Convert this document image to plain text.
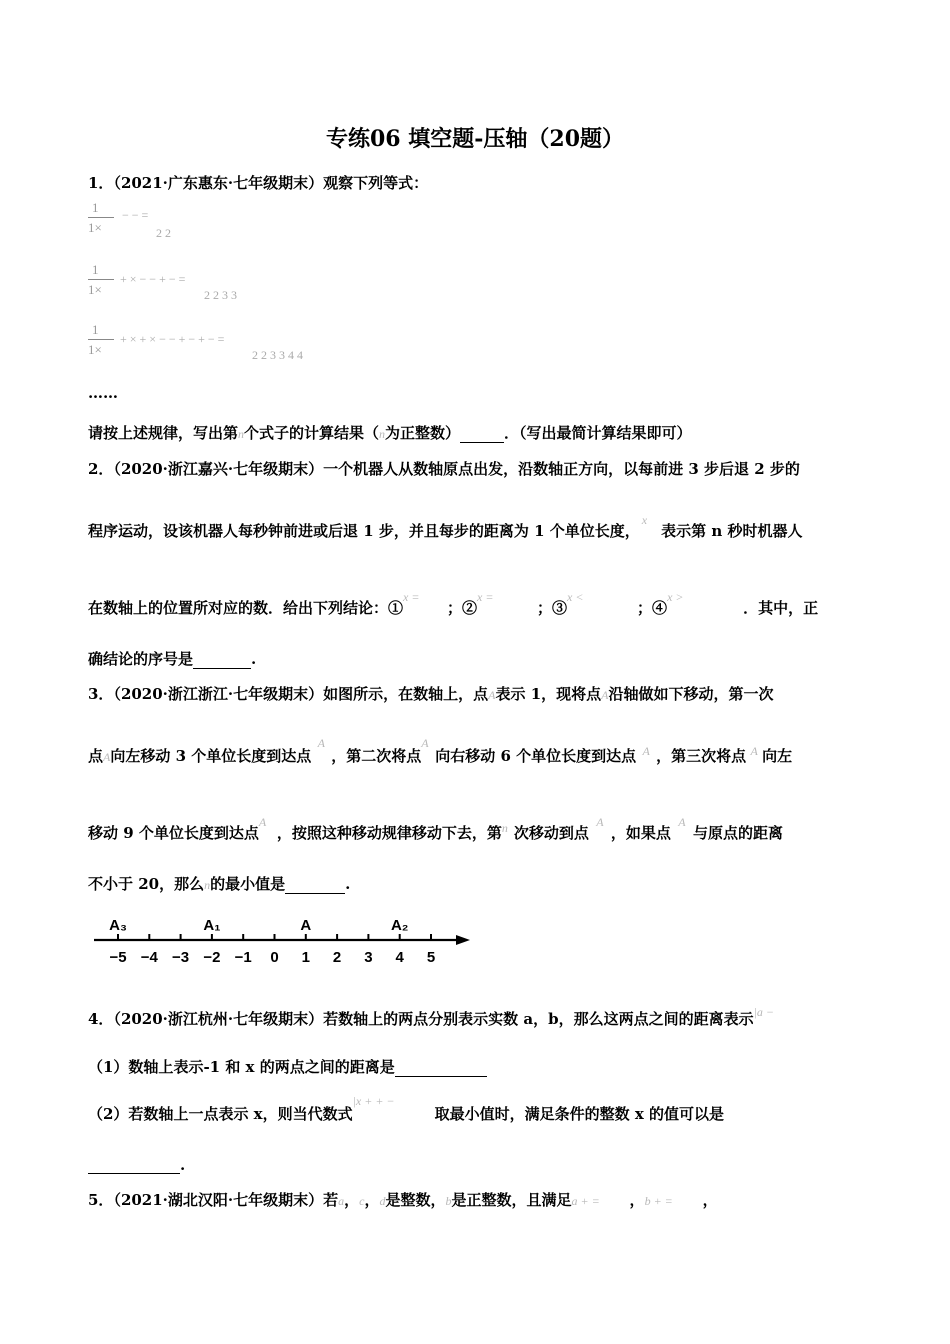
专练06 填空题-压轴（20题）
1．（2021·广东惠东·七年级期末）观察下列等式：
1
1×
− − =
2 2
1
1×
+ × − − + − =
2 2 3 3
1
1×
+ × + × − − + − + − =
2 2 3 3 4 4
……
请按上述规律，写出第n个式子的计算结果（n为正整数）	．（写出最简计算结果即可）
2．（2020·浙江嘉兴·七年级期末）一个机器人从数轴原点出发，沿数轴正方向，以每前进 3 步后退 2 步的
程序运动，设该机器人每秒钟前进或后退 1 步，并且每步的距离为 1 个单位长度，$^x$表示第 n 秒时机器人
在数轴上的位置所对应的数．给出下列结论：①x =；②x =；③x <；④x >．其中，正
确结论的序号是	.
3．（2020·浙江浙江·七年级期末）如图所示，在数轴上，点A表示 1，现将点A沿轴做如下移动，第一次
点A向左移动 3 个单位长度到达点A，第二次将点A向右移动 6 个单位长度到达点 A ，第三次将点 A 向左
移动 9 个单位长度到达点A，按照这种移动规律移动下去，第n 次移动到点A，如果点A与原点的距离
不小于 20，那么n的最小值是	.
−5 −4 −3 −2 −1 0 1 2 3 4 5
A₃	A₁	A	A₂
4．（2020·浙江杭州·七年级期末）若数轴上的两点分别表示实数 a，b，那么这两点之间的距离表示$^{|a -}$
（1）数轴上表示-1 和 x 的两点之间的距离是
（2）若数轴上一点表示 x，则当代数式|x + + −取最小值时，满足条件的整数 x 的值可以是
.
5．（2021·湖北汉阳·七年级期末）若a，c，d是整数，b是正整数，且满足a + = ，b + = ，
